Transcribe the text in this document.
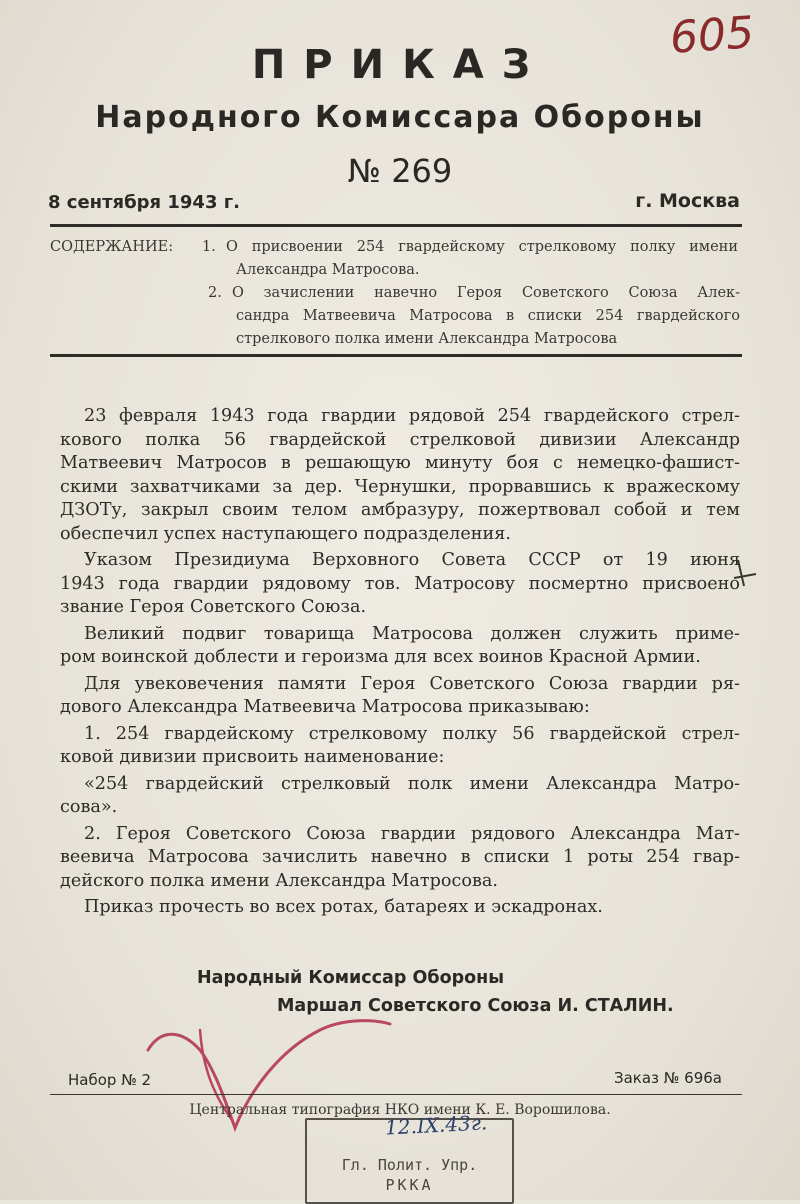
605
ПРИКАЗ
Народного Комиссара Обороны
№ 269
8 сентября 1943 г.	г. Москва
СОДЕРЖАНИЕ: 1. О присвоении 254 гвардейскому стрелковому полку имени
Александра Матросова.
2. О зачислении навечно Героя Советского Союза Алек-
сандра Матвеевича Матросова в списки 254 гвардейского
стрелкового полка имени Александра Матросова

23 февраля 1943 года гвардии рядовой 254 гвардейского стрел-
кового полка 56 гвардейской стрелковой дивизии Александр
Матвеевич Матросов в решающую минуту боя с немецко-фашист-
скими захватчиками за дер. Чернушки, прорвавшись к вражескому
ДЗОТу, закрыл своим телом амбразуру, пожертвовал собой и тем
обеспечил успех наступающего подразделения.

Указом Президиума Верховного Совета СССР от 19 июня
1943 года гвардии рядовому тов. Матросову посмертно присвоено
звание Героя Советского Союза.

Великий подвиг товарища Матросова должен служить приме-
ром воинской доблести и героизма для всех воинов Красной Армии.

Для увековечения памяти Героя Советского Союза гвардии ря-
дового Александра Матвеевича Матросова приказываю:

1. 254 гвардейскому стрелковому полку 56 гвардейской стрел-
ковой дивизии присвоить наименование:

«254 гвардейский стрелковый полк имени Александра Матро-
сова».

2. Героя Советского Союза гвардии рядового Александра Мат-
веевича Матросова зачислить навечно в списки 1 роты 254 гвар-
дейского полка имени Александра Матросова.

Приказ прочесть во всех ротах, батареях и эскадронах.

Народный Комиссар Обороны
Маршал Советского Союза И. СТАЛИН.
Набор № 2	Заказ № 696а
Центральная типография НКО имени К. Е. Ворошилова.
Гл. Полит. Упр.
РККА
12.IX.43г.
